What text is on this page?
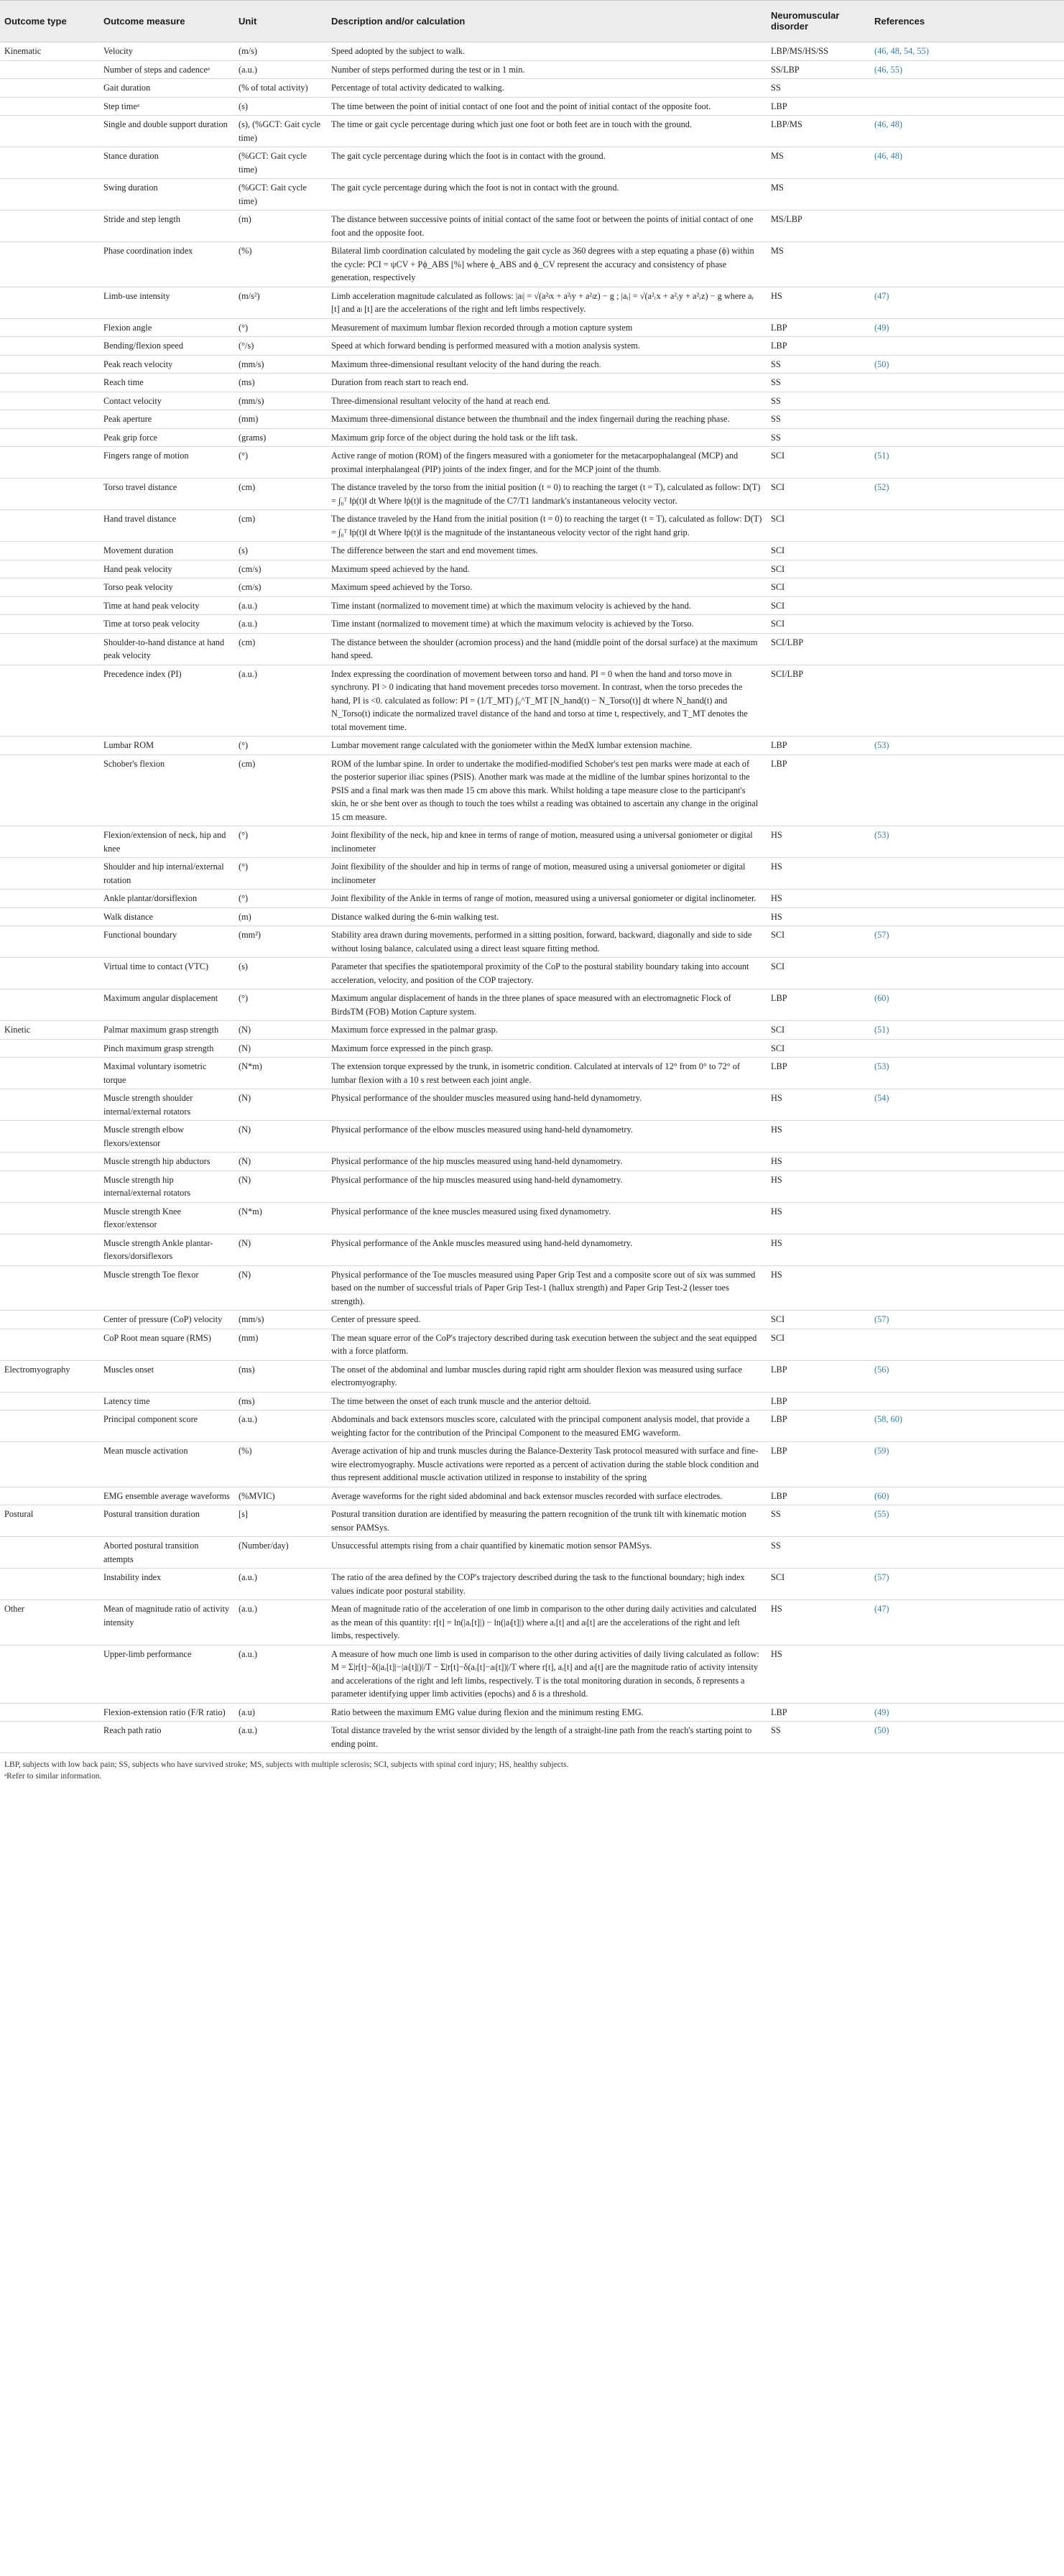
Outcome type	Outcome measure	Unit	Description and/or calculation	Neuromuscular disorder	References
Kinematic	Velocity	(m/s)	Speed adopted by the subject to walk.	LBP/MS/HS/SS	(46, 48, 54, 55)
	Number of steps and cadenceᵃ	(a.u.)	Number of steps performed during the test or in 1 min.	SS/LBP	(46, 55)
	Gait duration	(% of total activity)	Percentage of total activity dedicated to walking.	SS	
	Step timeᵃ	(s)	The time between the point of initial contact of one foot and the point of initial contact of the opposite foot.	LBP	
	Single and double support duration	(s), (%GCT: Gait cycle time)	The time or gait cycle percentage during which just one foot or both feet are in touch with the ground.	LBP/MS	(46, 48)
	Stance duration	(%GCT: Gait cycle time)	The gait cycle percentage during which the foot is in contact with the ground.	MS	(46, 48)
	Swing duration	(%GCT: Gait cycle time)	The gait cycle percentage during which the foot is not in contact with the ground.	MS	
	Stride and step length	(m)	The distance between successive points of initial contact of the same foot or between the points of initial contact of one foot and the opposite foot.	MS/LBP	
	Phase coordination index	(%)	Bilateral limb coordination calculated by modeling the gait cycle as 360 degrees with a step equating a phase (ϕ) within the cycle: PCI = ψCV + Pϕ_ABS [%] where ϕ_ABS and ϕ_CV represent the accuracy and consistency of phase generation, respectively	MS	
	Limb-use intensity	(m/s²)	Limb acceleration magnitude calculated as follows: |aₗ| = √(a²ₗx + a²ₗy + a²ₗz) − g ; |aᵣ| = √(a²ᵣx + a²ᵣy + a²ᵣz) − g where aᵣ [t] and aₗ [t] are the accelerations of the right and left limbs respectively.	HS	(47)
	Flexion angle	(°)	Measurement of maximum lumbar flexion recorded through a motion capture system	LBP	(49)
	Bending/flexion speed	(°/s)	Speed at which forward bending is performed measured with a motion analysis system.	LBP	
	Peak reach velocity	(mm/s)	Maximum three-dimensional resultant velocity of the hand during the reach.	SS	(50)
	Reach time	(ms)	Duration from reach start to reach end.	SS	
	Contact velocity	(mm/s)	Three-dimensional resultant velocity of the hand at reach end.	SS	
	Peak aperture	(mm)	Maximum three-dimensional distance between the thumbnail and the index fingernail during the reaching phase.	SS	
	Peak grip force	(grams)	Maximum grip force of the object during the hold task or the lift task.	SS	
	Fingers range of motion	(°)	Active range of motion (ROM) of the fingers measured with a goniometer for the metacarpophalangeal (MCP) and proximal interphalangeal (PIP) joints of the index finger, and for the MCP joint of the thumb.	SCI	(51)
	Torso travel distance	(cm)	The distance traveled by the torso from the initial position (t = 0) to reaching the target (t = T), calculated as follow: D(T) = ∫₀ᵀ ‖ṗ(t)‖ dt Where ‖ṗ(t)‖ is the magnitude of the C7/T1 landmark's instantaneous velocity vector.	SCI	(52)
	Hand travel distance	(cm)	The distance traveled by the Hand from the initial position (t = 0) to reaching the target (t = T), calculated as follow: D(T) = ∫₀ᵀ ‖ṗ(t)‖ dt Where ‖ṗ(t)‖ is the magnitude of the instantaneous velocity vector of the right hand grip.	SCI	
	Movement duration	(s)	The difference between the start and end movement times.	SCI	
	Hand peak velocity	(cm/s)	Maximum speed achieved by the hand.	SCI	
	Torso peak velocity	(cm/s)	Maximum speed achieved by the Torso.	SCI	
	Time at hand peak velocity	(a.u.)	Time instant (normalized to movement time) at which the maximum velocity is achieved by the hand.	SCI	
	Time at torso peak velocity	(a.u.)	Time instant (normalized to movement time) at which the maximum velocity is achieved by the Torso.	SCI	
	Shoulder-to-hand distance at hand peak velocity	(cm)	The distance between the shoulder (acromion process) and the hand (middle point of the dorsal surface) at the maximum hand speed.	SCI/LBP	
	Precedence index (PI)	(a.u.)	Index expressing the coordination of movement between torso and hand. PI = 0 when the hand and torso move in synchrony. PI > 0 indicating that hand movement precedes torso movement. In contrast, when the torso precedes the hand, PI is <0. calculated as follow: PI = (1/T_MT) ∫₀^T_MT [N_hand(t) − N_Torso(t)] dt where N_hand(t) and N_Torso(t) indicate the normalized travel distance of the hand and torso at time t, respectively, and T_MT denotes the total movement time.	SCI/LBP	
	Lumbar ROM	(°)	Lumbar movement range calculated with the goniometer within the MedX lumbar extension machine.	LBP	(53)
	Schober's flexion	(cm)	ROM of the lumbar spine. In order to undertake the modified-modified Schober's test pen marks were made at each of the posterior superior iliac spines (PSIS). Another mark was made at the midline of the lumbar spines horizontal to the PSIS and a final mark was then made 15 cm above this mark. Whilst holding a tape measure close to the participant's skin, he or she bent over as though to touch the toes whilst a reading was obtained to ascertain any change in the original 15 cm measure.	LBP	
	Flexion/extension of neck, hip and knee	(°)	Joint flexibility of the neck, hip and knee in terms of range of motion, measured using a universal goniometer or digital inclinometer	HS	(53)
	Shoulder and hip internal/external rotation	(°)	Joint flexibility of the shoulder and hip in terms of range of motion, measured using a universal goniometer or digital inclinometer	HS	
	Ankle plantar/dorsiflexion	(°)	Joint flexibility of the Ankle in terms of range of motion, measured using a universal goniometer or digital inclinometer.	HS	
	Walk distance	(m)	Distance walked during the 6-min walking test.	HS	
	Functional boundary	(mm²)	Stability area drawn during movements, performed in a sitting position, forward, backward, diagonally and side to side without losing balance, calculated using a direct least square fitting method.	SCI	(57)
	Virtual time to contact (VTC)	(s)	Parameter that specifies the spatiotemporal proximity of the CoP to the postural stability boundary taking into account acceleration, velocity, and position of the COP trajectory.	SCI	
	Maximum angular displacement	(°)	Maximum angular displacement of hands in the three planes of space measured with an electromagnetic Flock of BirdsTM (FOB) Motion Capture system.	LBP	(60)
Kinetic	Palmar maximum grasp strength	(N)	Maximum force expressed in the palmar grasp.	SCI	(51)
	Pinch maximum grasp strength	(N)	Maximum force expressed in the pinch grasp.	SCI	
	Maximal voluntary isometric torque	(N*m)	The extension torque expressed by the trunk, in isometric condition. Calculated at intervals of 12° from 0° to 72° of lumbar flexion with a 10 s rest between each joint angle.	LBP	(53)
	Muscle strength shoulder internal/external rotators	(N)	Physical performance of the shoulder muscles measured using hand-held dynamometry.	HS	(54)
	Muscle strength elbow flexors/extensor	(N)	Physical performance of the elbow muscles measured using hand-held dynamometry.	HS	
	Muscle strength hip abductors	(N)	Physical performance of the hip muscles measured using hand-held dynamometry.	HS	
	Muscle strength hip internal/external rotators	(N)	Physical performance of the hip muscles measured using hand-held dynamometry.	HS	
	Muscle strength Knee flexor/extensor	(N*m)	Physical performance of the knee muscles measured using fixed dynamometry.	HS	
	Muscle strength Ankle plantar-flexors/dorsiflexors	(N)	Physical performance of the Ankle muscles measured using hand-held dynamometry.	HS	
	Muscle strength Toe flexor	(N)	Physical performance of the Toe muscles measured using Paper Grip Test and a composite score out of six was summed based on the number of successful trials of Paper Grip Test-1 (hallux strength) and Paper Grip Test-2 (lesser toes strength).	HS	
	Center of pressure (CoP) velocity	(mm/s)	Center of pressure speed.	SCI	(57)
	CoP Root mean square (RMS)	(mm)	The mean square error of the CoP's trajectory described during task execution between the subject and the seat equipped with a force platform.	SCI	
Electromyography	Muscles onset	(ms)	The onset of the abdominal and lumbar muscles during rapid right arm shoulder flexion was measured using surface electromyography.	LBP	(56)
	Latency time	(ms)	The time between the onset of each trunk muscle and the anterior deltoid.	LBP	
	Principal component score	(a.u.)	Abdominals and back extensors muscles score, calculated with the principal component analysis model, that provide a weighting factor for the contribution of the Principal Component to the measured EMG waveform.	LBP	(58, 60)
	Mean muscle activation	(%)	Average activation of hip and trunk muscles during the Balance-Dexterity Task protocol measured with surface and fine-wire electromyography. Muscle activations were reported as a percent of activation during the stable block condition and thus represent additional muscle activation utilized in response to instability of the spring	LBP	(59)
	EMG ensemble average waveforms	(%MVIC)	Average waveforms for the right sided abdominal and back extensor muscles recorded with surface electrodes.	LBP	(60)
Postural	Postural transition duration	[s]	Postural transition duration are identified by measuring the pattern recognition of the trunk tilt with kinematic motion sensor PAMSys.	SS	(55)
	Aborted postural transition attempts	(Number/day)	Unsuccessful attempts rising from a chair quantified by kinematic motion sensor PAMSys.	SS	
	Instability index	(a.u.)	The ratio of the area defined by the COP's trajectory described during the task to the functional boundary; high index values indicate poor postural stability.	SCI	(57)
Other	Mean of magnitude ratio of activity intensity	(a.u.)	Mean of magnitude ratio of the acceleration of one limb in comparison to the other during daily activities and calculated as the mean of this quantity: r[t] = ln(|aᵣ[t]|) − ln(|aₗ[t]|) where aᵣ[t] and aₗ[t] are the accelerations of the right and left limbs, respectively.	HS	(47)
	Upper-limb performance	(a.u.)	A measure of how much one limb is used in comparison to the other during activities of daily living calculated as follow: M = Σ|r[t]−δ(|aᵣ[t]|−|aₗ[t]|)|/T − Σ|r[t]−δ(aᵣ[t]−aₗ[t])|/T where r[t], aᵣ[t] and aₗ[t] are the magnitude ratio of activity intensity and accelerations of the right and left limbs, respectively. T is the total monitoring duration in seconds, δ represents a parameter identifying upper limb activities (epochs) and δ is a threshold.	HS	
	Flexion-extension ratio (F/R ratio)	(a.u)	Ratio between the maximum EMG value during flexion and the minimum resting EMG.	LBP	(49)
	Reach path ratio	(a.u.)	Total distance traveled by the wrist sensor divided by the length of a straight-line path from the reach's starting point to ending point.	SS	(50)
LBP, subjects with low back pain; SS, subjects who have survived stroke; MS, subjects with multiple sclerosis; SCI, subjects with spinal cord injury; HS, healthy subjects.
ᵃRefer to similar information.
